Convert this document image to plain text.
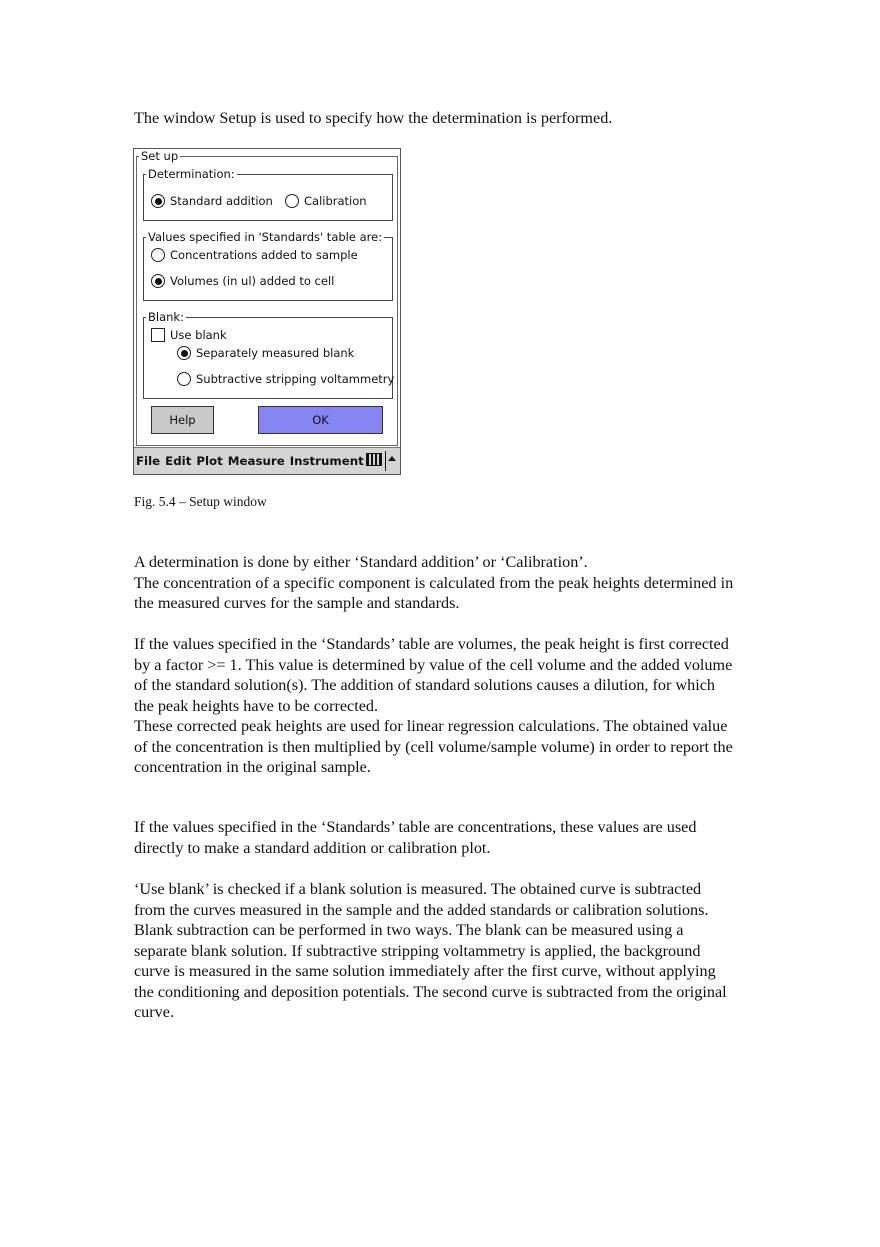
The window Setup is used to specify how the determination is performed.

Set up
Determination:
Standard addition	Calibration
Values specified in 'Standards' table are:
Concentrations added to sample
Volumes (in ul) added to cell
Blank:
Use blank
Separately measured blank
Subtractive stripping voltammetry
Help	OK
File Edit Plot Measure Instrument
Fig. 5.4 – Setup window

A determination is done by either ‘Standard addition’ or ‘Calibration’.
The concentration of a specific component is calculated from the peak heights determined in the measured curves for the sample and standards.

If the values specified in the ‘Standards’ table are volumes, the peak height is first corrected by a factor >= 1. This value is determined by value of the cell volume and the added volume of the standard solution(s). The addition of standard solutions causes a dilution, for which the peak heights have to be corrected.
These corrected peak heights are used for linear regression calculations. The obtained value of the concentration is then multiplied by (cell volume/sample volume) in order to report the concentration in the original sample.

If the values specified in the ‘Standards’ table are concentrations, these values are used directly to make a standard addition or calibration plot.

‘Use blank’ is checked if a blank solution is measured. The obtained curve is subtracted from the curves measured in the sample and the added standards or calibration solutions.
Blank subtraction can be performed in two ways. The blank can be measured using a separate blank solution. If subtractive stripping voltammetry is applied, the background curve is measured in the same solution immediately after the first curve, without applying the conditioning and deposition potentials. The second curve is subtracted from the original curve.
